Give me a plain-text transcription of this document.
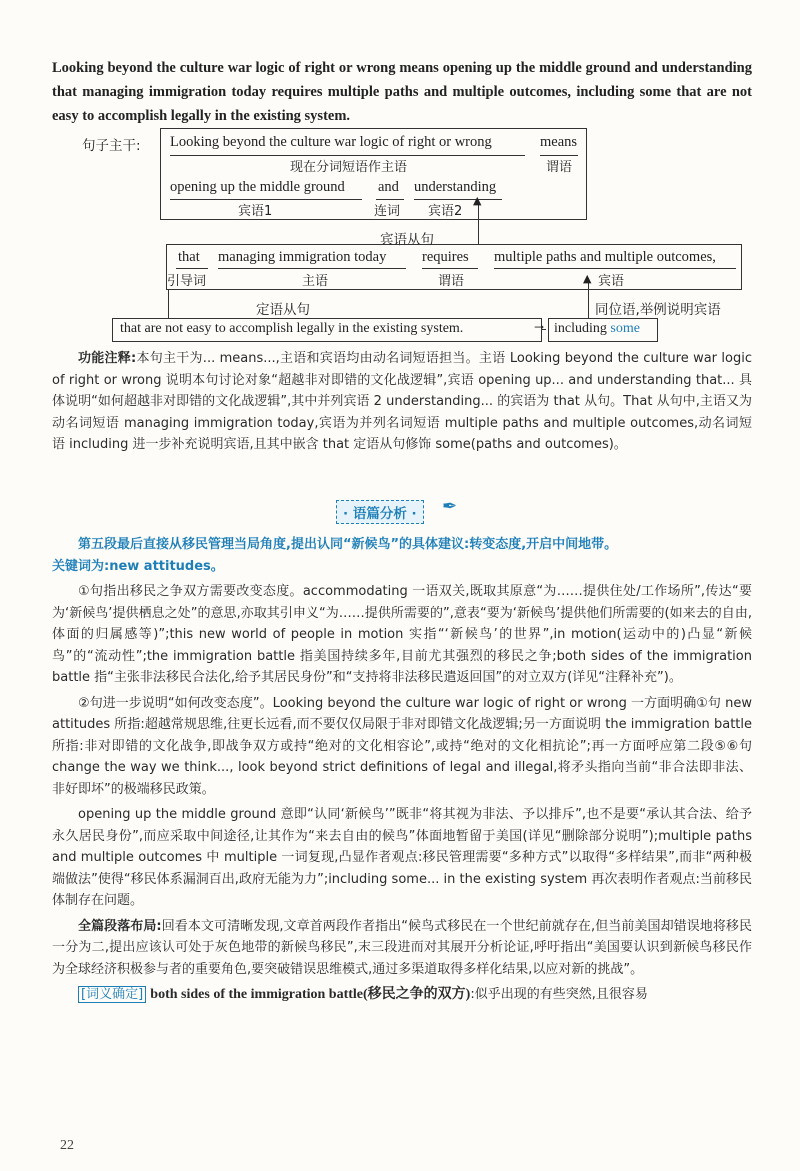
Looking beyond the culture war logic of right or wrong means opening up the middle ground and understanding that managing immigration today requires multiple paths and multiple outcomes, including some that are not easy to accomplish legally in the existing system.
句子主干: Looking beyond the culture war logic of right or wrong
现在分词短语作主语
means
谓语
opening up the middle ground
宾语1
and
连词
understanding
宾语2
▲
宾语从句
that
引导词
managing immigration today
主语
requires
谓语
multiple paths and multiple outcomes,
宾语
定语从句	同位语,举例说明宾语
▲
that are not easy to accomplish legally in the existing system.	→ including some

功能注释:本句主干为... means...,主语和宾语均由动名词短语担当。主语 Looking beyond the culture war logic of right or wrong 说明本句讨论对象“超越非对即错的文化战逻辑”,宾语 opening up... and understanding that... 具体说明“如何超越非对即错的文化战逻辑”,其中并列宾语 2 understanding... 的宾语为 that 从句。That 从句中,主语又为动名词短语 managing immigration today,宾语为并列名词短语 multiple paths and multiple outcomes,动名词短语 including 进一步补充说明宾语,且其中嵌含 that 定语从句修饰 some(paths and outcomes)。

· 语篇分析 ·	✒

第五段最后直接从移民管理当局角度,提出认同“新候鸟”的具体建议:转变态度,开启中间地带。

关键词为:new attitudes。

①句指出移民之争双方需要改变态度。accommodating 一语双关,既取其原意“为……提供住处/工作场所”,传达“要为‘新候鸟’提供栖息之处”的意思,亦取其引申义“为……提供所需要的”,意表“要为‘新候鸟’提供他们所需要的(如来去的自由,体面的归属感等)”;this new world of people in motion 实指“‘新候鸟’的世界”,in motion(运动中的)凸显“新候鸟”的“流动性”;the immigration battle 指美国持续多年,目前尤其强烈的移民之争;both sides of the immigration battle 指“主张非法移民合法化,给予其居民身份”和“支持将非法移民遣返回国”的对立双方(详见“注释补充”)。

②句进一步说明“如何改变态度”。Looking beyond the culture war logic of right or wrong 一方面明确①句 new attitudes 所指:超越常规思维,往更长远看,而不要仅仅局限于非对即错文化战逻辑;另一方面说明 the immigration battle 所指:非对即错的文化战争,即战争双方或持“绝对的文化相容论”,或持“绝对的文化相抗论”;再一方面呼应第二段⑤⑥句 change the way we think..., look beyond strict definitions of legal and illegal,将矛头指向当前“非合法即非法、非好即坏”的极端移民政策。

opening up the middle ground 意即“认同‘新候鸟’”既非“将其视为非法、予以排斥”,也不是要“承认其合法、给予永久居民身份”,而应采取中间途径,让其作为“来去自由的候鸟”体面地暂留于美国(详见“删除部分说明”);multiple paths and multiple outcomes 中 multiple 一词复现,凸显作者观点:移民管理需要“多种方式”以取得“多样结果”,而非“两种极端做法”使得“移民体系漏洞百出,政府无能为力”;including some... in the existing system 再次表明作者观点:当前移民体制存在问题。

全篇段落布局:回看本文可清晰发现,文章首两段作者指出“候鸟式移民在一个世纪前就存在,但当前美国却错误地将移民一分为二,提出应该认可处于灰色地带的新候鸟移民”,末三段进而对其展开分析论证,呼吁指出“美国要认识到新候鸟移民作为全球经济积极参与者的重要角色,要突破错误思维模式,通过多渠道取得多样化结果,以应对新的挑战”。

[词义确定] both sides of the immigration battle(移民之争的双方):似乎出现的有些突然,且很容易

22
